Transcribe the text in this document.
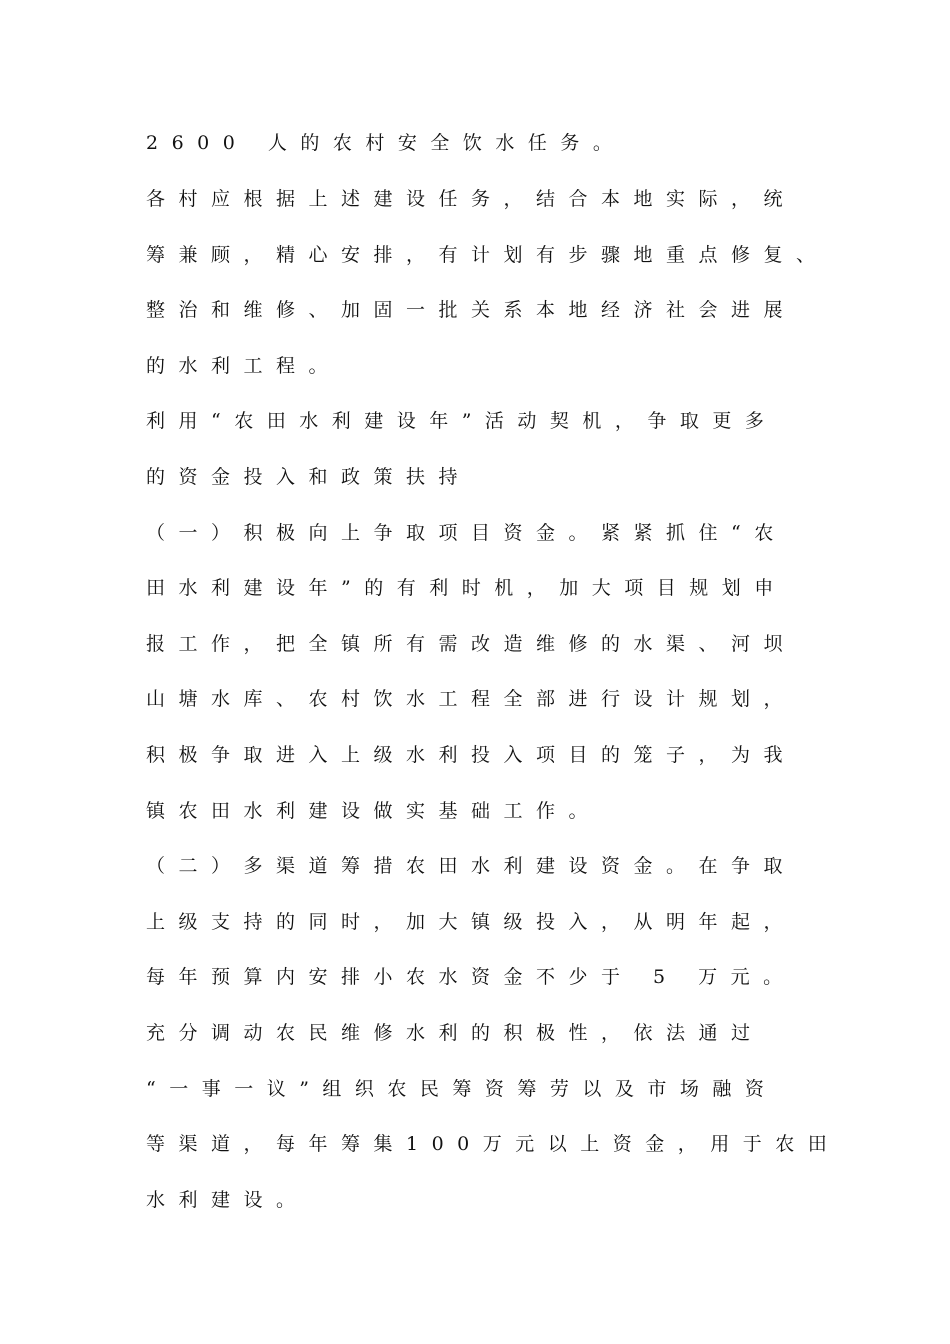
2600 人的农村安全饮水任务。
各村应根据上述建设任务，结合本地实际，统
筹兼顾，精心安排，有计划有步骤地重点修复、
整治和维修、加固一批关系本地经济社会进展
的水利工程。
利用“农田水利建设年”活动契机，争取更多
的资金投入和政策扶持
（一）积极向上争取项目资金。紧紧抓住“农
田水利建设年”的有利时机，加大项目规划申
报工作，把全镇所有需改造维修的水渠、河坝
山塘水库、农村饮水工程全部进行设计规划，
积极争取进入上级水利投入项目的笼子，为我
镇农田水利建设做实基础工作。
（二）多渠道筹措农田水利建设资金。在争取
上级支持的同时，加大镇级投入，从明年起，
每年预算内安排小农水资金不少于 5 万元。
充分调动农民维修水利的积极性，依法通过
“一事一议”组织农民筹资筹劳以及市场融资
等渠道，每年筹集100万元以上资金，用于农田
水利建设。
